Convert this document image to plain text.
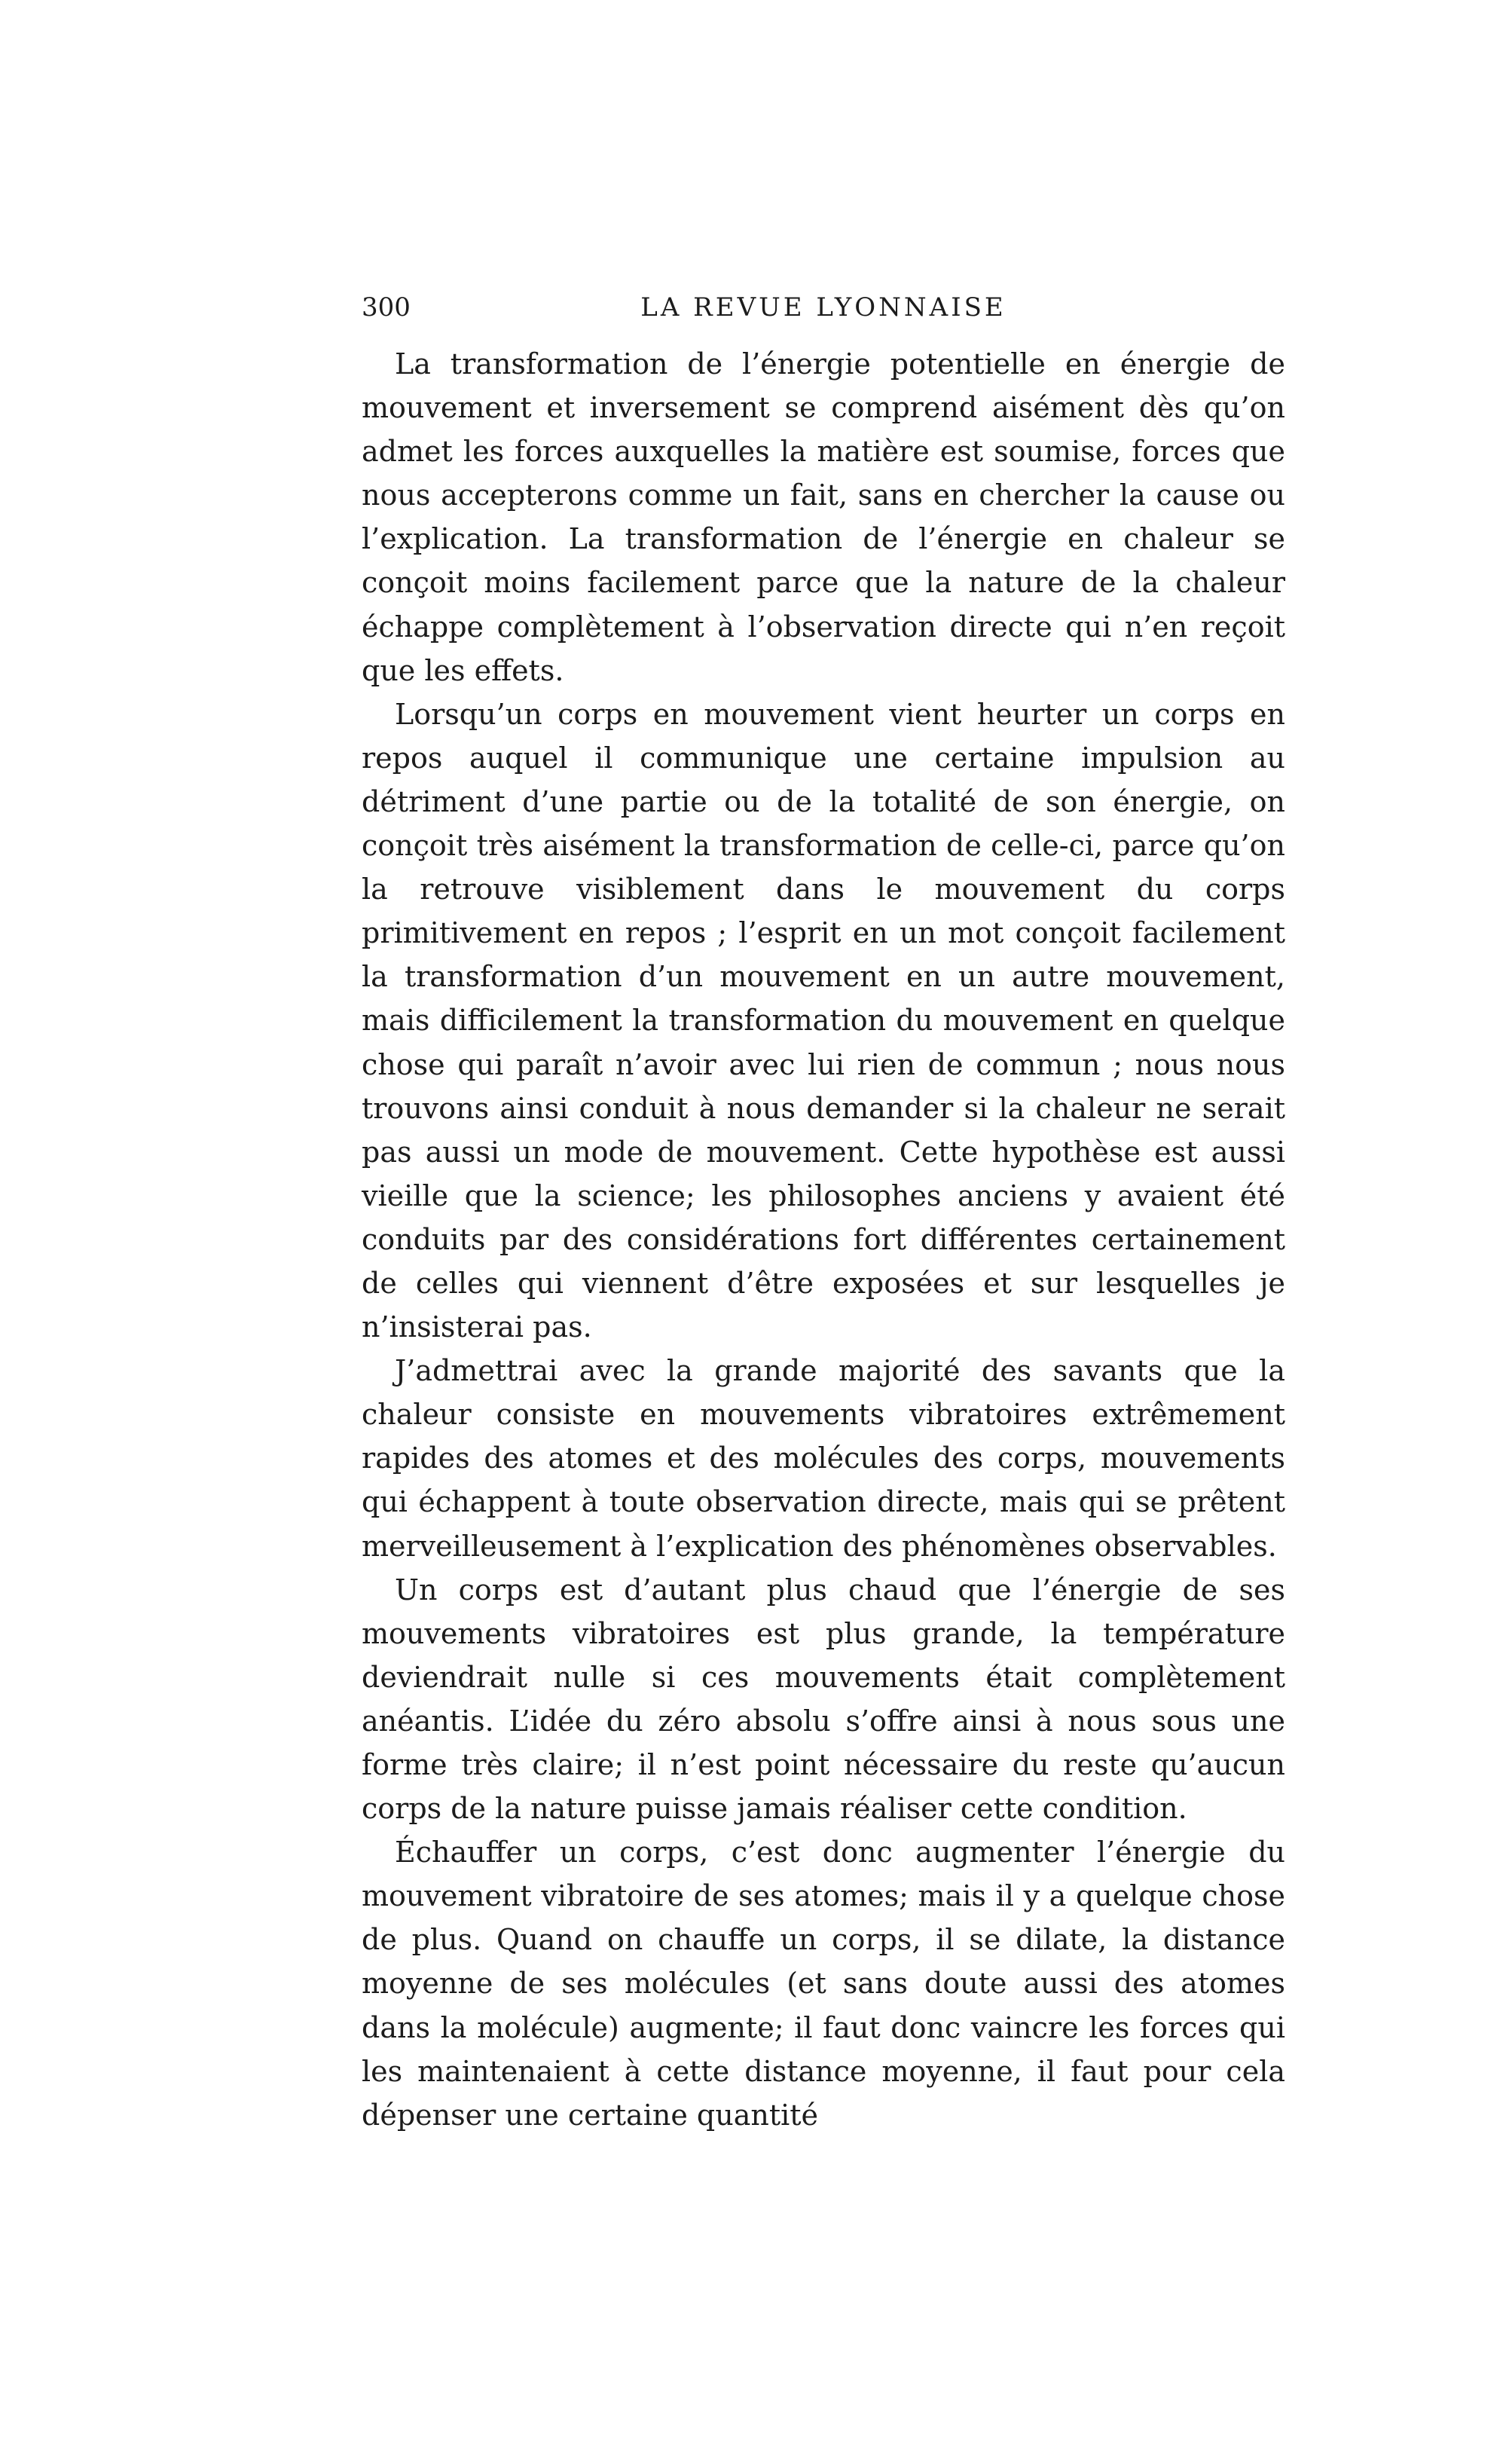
300	LA REVUE LYONNAISE

La transformation de l’énergie potentielle en énergie de mouvement et inversement se comprend aisément dès qu’on admet les forces auxquelles la matière est soumise, forces que nous accepterons comme un fait, sans en chercher la cause ou l’explication. La transformation de l’énergie en chaleur se conçoit moins facilement parce que la nature de la chaleur échappe complètement à l’observation directe qui n’en reçoit que les effets.

Lorsqu’un corps en mouvement vient heurter un corps en repos auquel il communique une certaine impulsion au détriment d’une partie ou de la totalité de son énergie, on conçoit très aisément la transformation de celle-ci, parce qu’on la retrouve visiblement dans le mouvement du corps primitivement en repos ; l’esprit en un mot conçoit facilement la transformation d’un mouvement en un autre mouvement, mais difficilement la transformation du mouvement en quelque chose qui paraît n’avoir avec lui rien de commun ; nous nous trouvons ainsi conduit à nous demander si la chaleur ne serait pas aussi un mode de mouvement. Cette hypothèse est aussi vieille que la science; les philosophes anciens y avaient été conduits par des considérations fort différentes certainement de celles qui viennent d’être exposées et sur lesquelles je n’insisterai pas.

J’admettrai avec la grande majorité des savants que la chaleur consiste en mouvements vibratoires extrêmement rapides des atomes et des molécules des corps, mouvements qui échappent à toute observation directe, mais qui se prêtent merveilleusement à l’explication des phénomènes observables.

Un corps est d’autant plus chaud que l’énergie de ses mouvements vibratoires est plus grande, la température deviendrait nulle si ces mouvements était complètement anéantis. L’idée du zéro absolu s’offre ainsi à nous sous une forme très claire; il n’est point nécessaire du reste qu’aucun corps de la nature puisse jamais réaliser cette condition.

Échauffer un corps, c’est donc augmenter l’énergie du mouvement vibratoire de ses atomes; mais il y a quelque chose de plus. Quand on chauffe un corps, il se dilate, la distance moyenne de ses molécules (et sans doute aussi des atomes dans la molécule) augmente; il faut donc vaincre les forces qui les maintenaient à cette distance moyenne, il faut pour cela dépenser une certaine quantité
